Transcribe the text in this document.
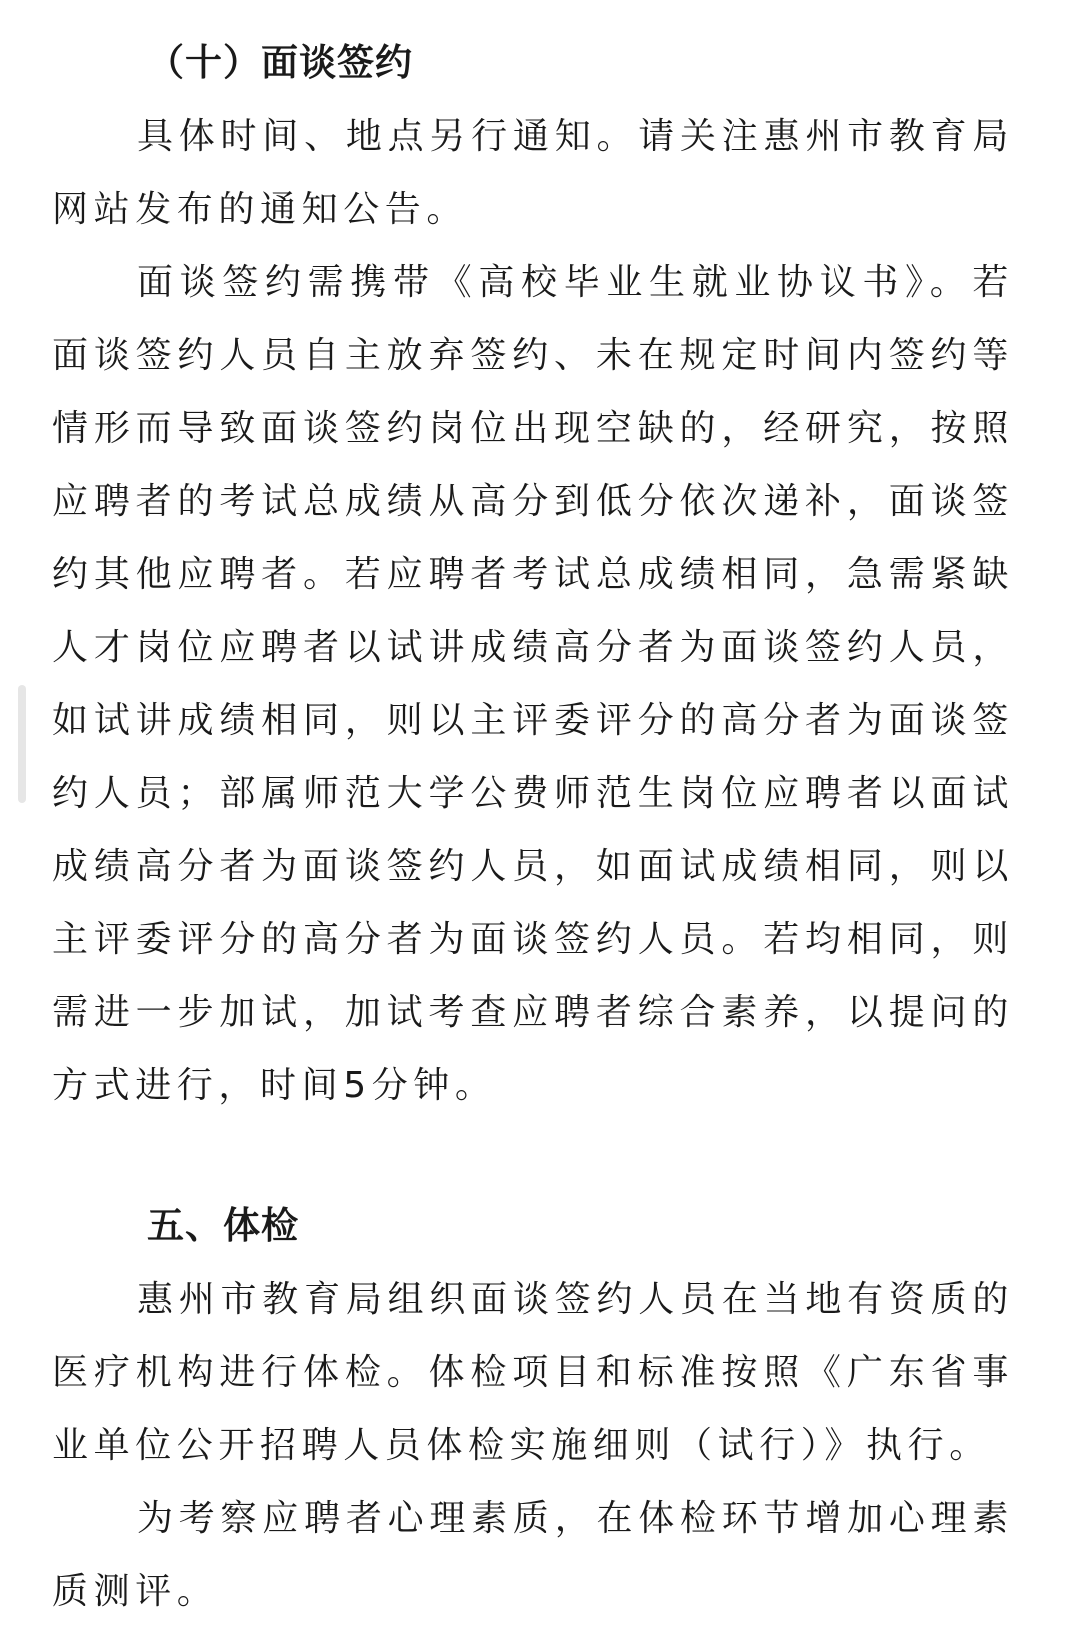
（十）面谈签约

具体时间、地点另行通知。请关注惠州市教育局网站发布的通知公告。

面谈签约需携带《高校毕业生就业协议书》。若面谈签约人员自主放弃签约、未在规定时间内签约等情形而导致面谈签约岗位出现空缺的，经研究，按照应聘者的考试总成绩从高分到低分依次递补，面谈签约其他应聘者。若应聘者考试总成绩相同，急需紧缺人才岗位应聘者以试讲成绩高分者为面谈签约人员，如试讲成绩相同，则以主评委评分的高分者为面谈签约人员；部属师范大学公费师范生岗位应聘者以面试成绩高分者为面谈签约人员，如面试成绩相同，则以主评委评分的高分者为面谈签约人员。若均相同，则需进一步加试，加试考查应聘者综合素养，以提问的方式进行，时间5分钟。

五、体检

惠州市教育局组织面谈签约人员在当地有资质的医疗机构进行体检。体检项目和标准按照《广东省事业单位公开招聘人员体检实施细则（试行）》执行。

为考察应聘者心理素质，在体检环节增加心理素质测评。
